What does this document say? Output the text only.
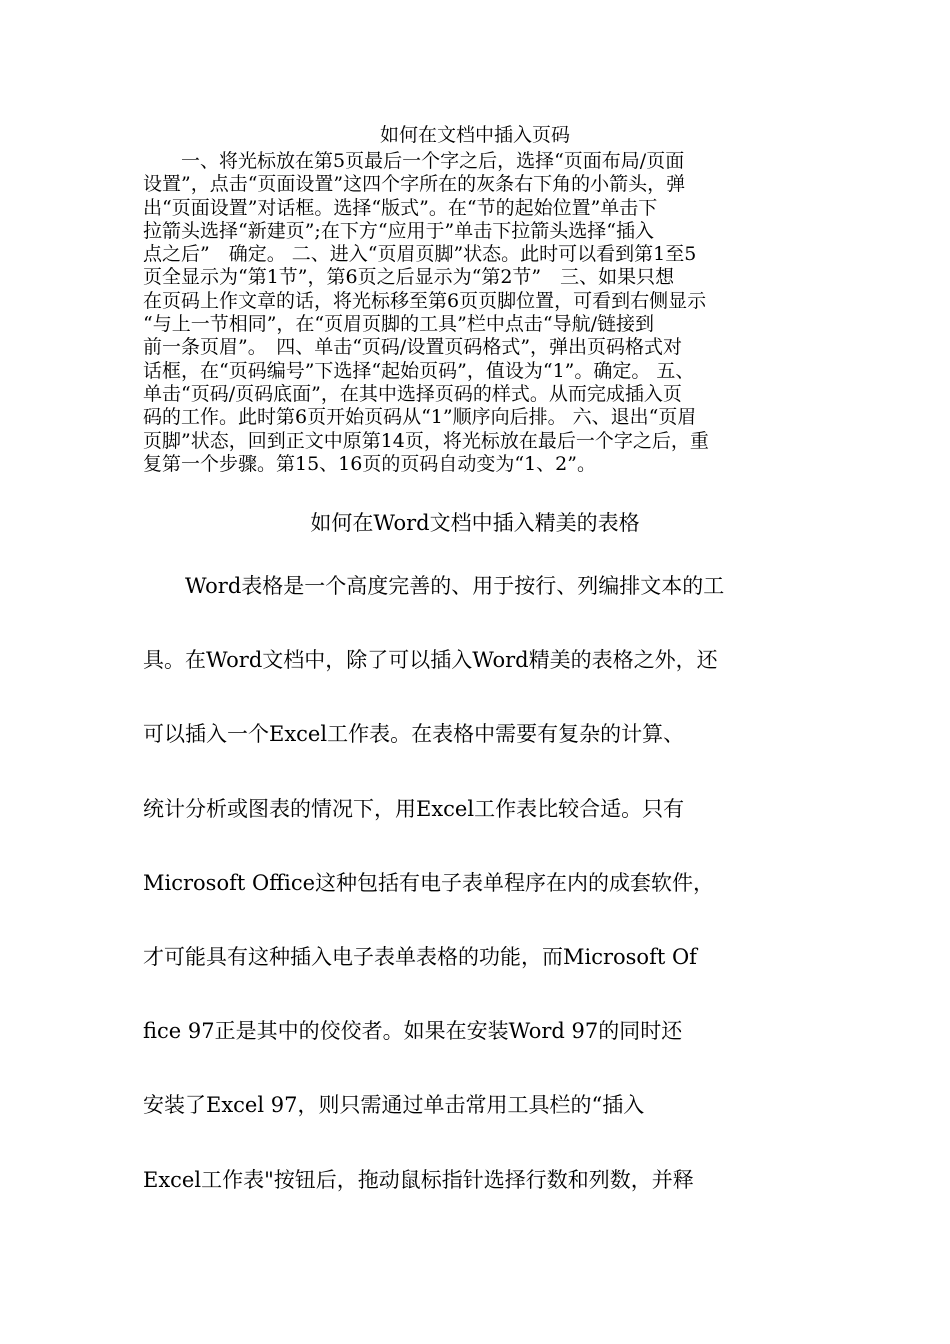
如何在文档中插入页码
　　一、将光标放在第5页最后一个字之后，选择“页面布局/页面
设置”，点击“页面设置”这四个字所在的灰条右下角的小箭头，弹
出“页面设置”对话框。选择“版式”。在“节的起始位置”单击下
拉箭头选择“新建页”;在下方“应用于”单击下拉箭头选择“插入
点之后”　确定。 二、进入“页眉页脚”状态。此时可以看到第1至5
页全显示为“第1节”，第6页之后显示为“第2节”　三、如果只想
在页码上作文章的话，将光标移至第6页页脚位置，可看到右侧显示
“与上一节相同”，在“页眉页脚的工具”栏中点击“导航/链接到
前一条页眉”。　四、单击“页码/设置页码格式”，弹出页码格式对
话框，在“页码编号”下选择“起始页码”，值设为“1”。确定。 五、
单击“页码/页码底面”，在其中选择页码的样式。从而完成插入页
码的工作。此时第6页开始页码从“1”顺序向后排。 六、退出“页眉
页脚”状态，回到正文中原第14页，将光标放在最后一个字之后，重
复第一个步骤。第15、16页的页码自动变为“1、2”。
如何在Word文档中插入精美的表格
　　Word表格是一个高度完善的、用于按行、列编排文本的工
具。在Word文档中，除了可以插入Word精美的表格之外，还
可以插入一个Excel工作表。在表格中需要有复杂的计算、
统计分析或图表的情况下，用Excel工作表比较合适。只有
Microsoft Office这种包括有电子表单程序在内的成套软件，
才可能具有这种插入电子表单表格的功能，而Microsoft Of
fice 97正是其中的佼佼者。如果在安装Word 97的同时还
安装了Excel 97，则只需通过单击常用工具栏的“插入
Excel工作表"按钮后，拖动鼠标指针选择行数和列数，并释
